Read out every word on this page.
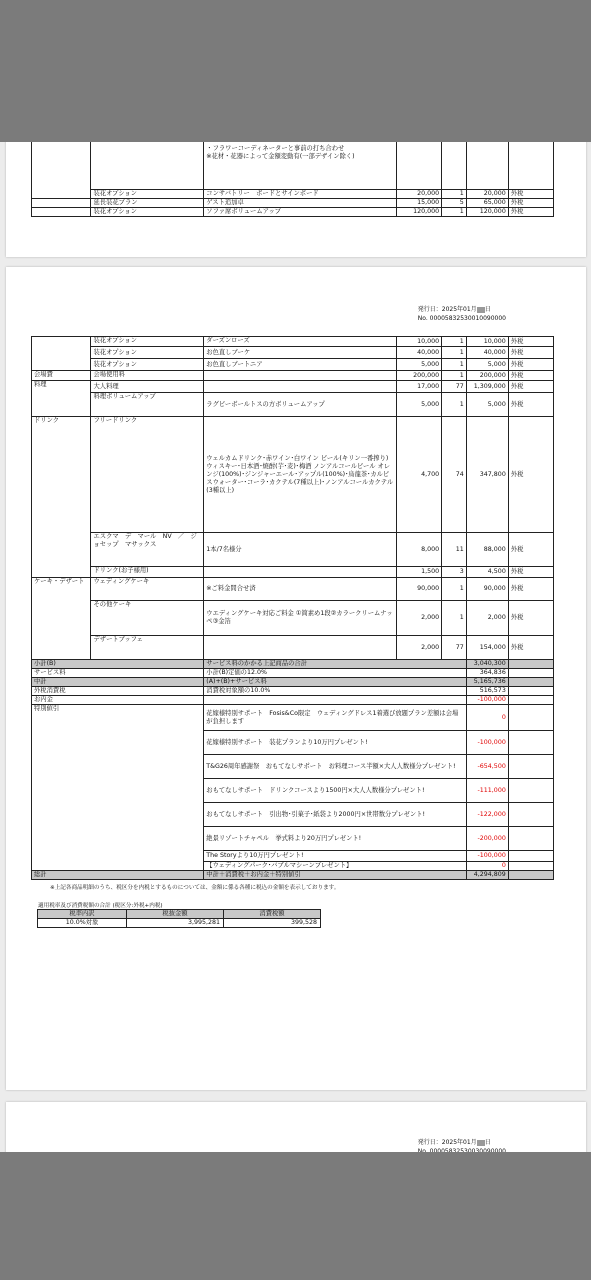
		・フラワーコーディネーターと事前の打ち合わせ
※花材・花器によって金額変動有(一部デザイン除く)				

	装花オプション	コンサバトリー　ボードとサインボード	20,000	1	20,000	外税
	延長装花プラン	ゲスト追加卓	15,000	5	65,000	外税
	装花オプション	ソファ席ボリュームアップ	120,000	1	120,000	外税
発行日：2025年01月 日
No. 0000583253001009000​0
	装花オプション	ダーズンローズ	10,000	1	10,000	外税
	装花オプション	お色直しブーケ	40,000	1	40,000	外税
	装花オプション	お色直しブートニア	5,000	1	5,000	外税
会場費	会場使用料		200,000	1	200,000	外税
料理	大人料理		17,000	77	1,309,000	外税
	料理ボリュームアップ	ラグビーボールトスの方ボリュームアップ	5,000	1	5,000	外税
ドリンク	フリードリンク	ウェルカムドリンク･赤ワイン･白ワイン ビール(キリン一番搾り) ウィスキー･日本酒･焼酎(芋･麦)･梅酒 ノンアルコールビール オレンジ(100%)･ジンジャーエール･アップル(100%)･烏龍茶･カルピスウォーター･コーラ･カクテル(7種以上)･ノンアルコールカクテル(3種以上)	4,700	74	347,800	外税
	エスクマ　デ　マール　NV　／　ジョセップ　マサックス	1本/7名様分	8,000	11	88,000	外税
	ドリンク(お子様用)		1,500	3	4,500	外税
ケーキ・デザート	ウェディングケーキ	※ご料金間合せ済	90,000	1	90,000	外税
	その他ケーキ	ウエディングケーキ対応ご料金 ①简素め1段②カラークリームナッペ③金箔	2,000	1	2,000	外税
	デザートブッフェ		2,000	77	154,000	外税
小計(B)		サービス料のかかる上記商品の合計			3,040,300	
サービス料		小計(B)定価の12.0%			364,836	
中計		(A)+(B)+サービス料			5,165,736	
外税消費税		消費税対象額の10.0%			516,573	
お内金					-100,000	
特別値引		花嫁様特別サポート　Fosis&Co限定　ウェディングドレス1着選び放題プラン差額は会場が負担します			0	
		花嫁様特別サポート　装花プランより10万円プレゼント!			-100,000	
		T&G26周年感謝祭　おもてなしサポート　お料理コース半額×大人人数様分プレゼント!			-654,500	
		おもてなしサポート　ドリンクコースより1500円×大人人数様分プレゼント!			-111,000	
		おもてなしサポート　引出物･引菓子･紙袋より2000円×世帯数分プレゼント!			-122,000	
		絶景リゾートチャペル　挙式料より20万円プレゼント!			-200,000	
		The Storyより10万円プレゼント!			-100,000	
		【ウェディングパーク･バブルマシーンプレゼント】			0	
総計		中計＋消費税＋お内金＋特別値引			4,294,809	
※上記各商品明細のうち、税区分を内税とするものについては、金額に係る各種に税込の金額を表示しております。
適用税率及び消費税額の合計 (税区分:外税+内税)
税率内訳	税抜金額	消費税額
10.0%対象	3,995,281	399,528
発行日：2025年01月 日
No. 00005832530030090000
